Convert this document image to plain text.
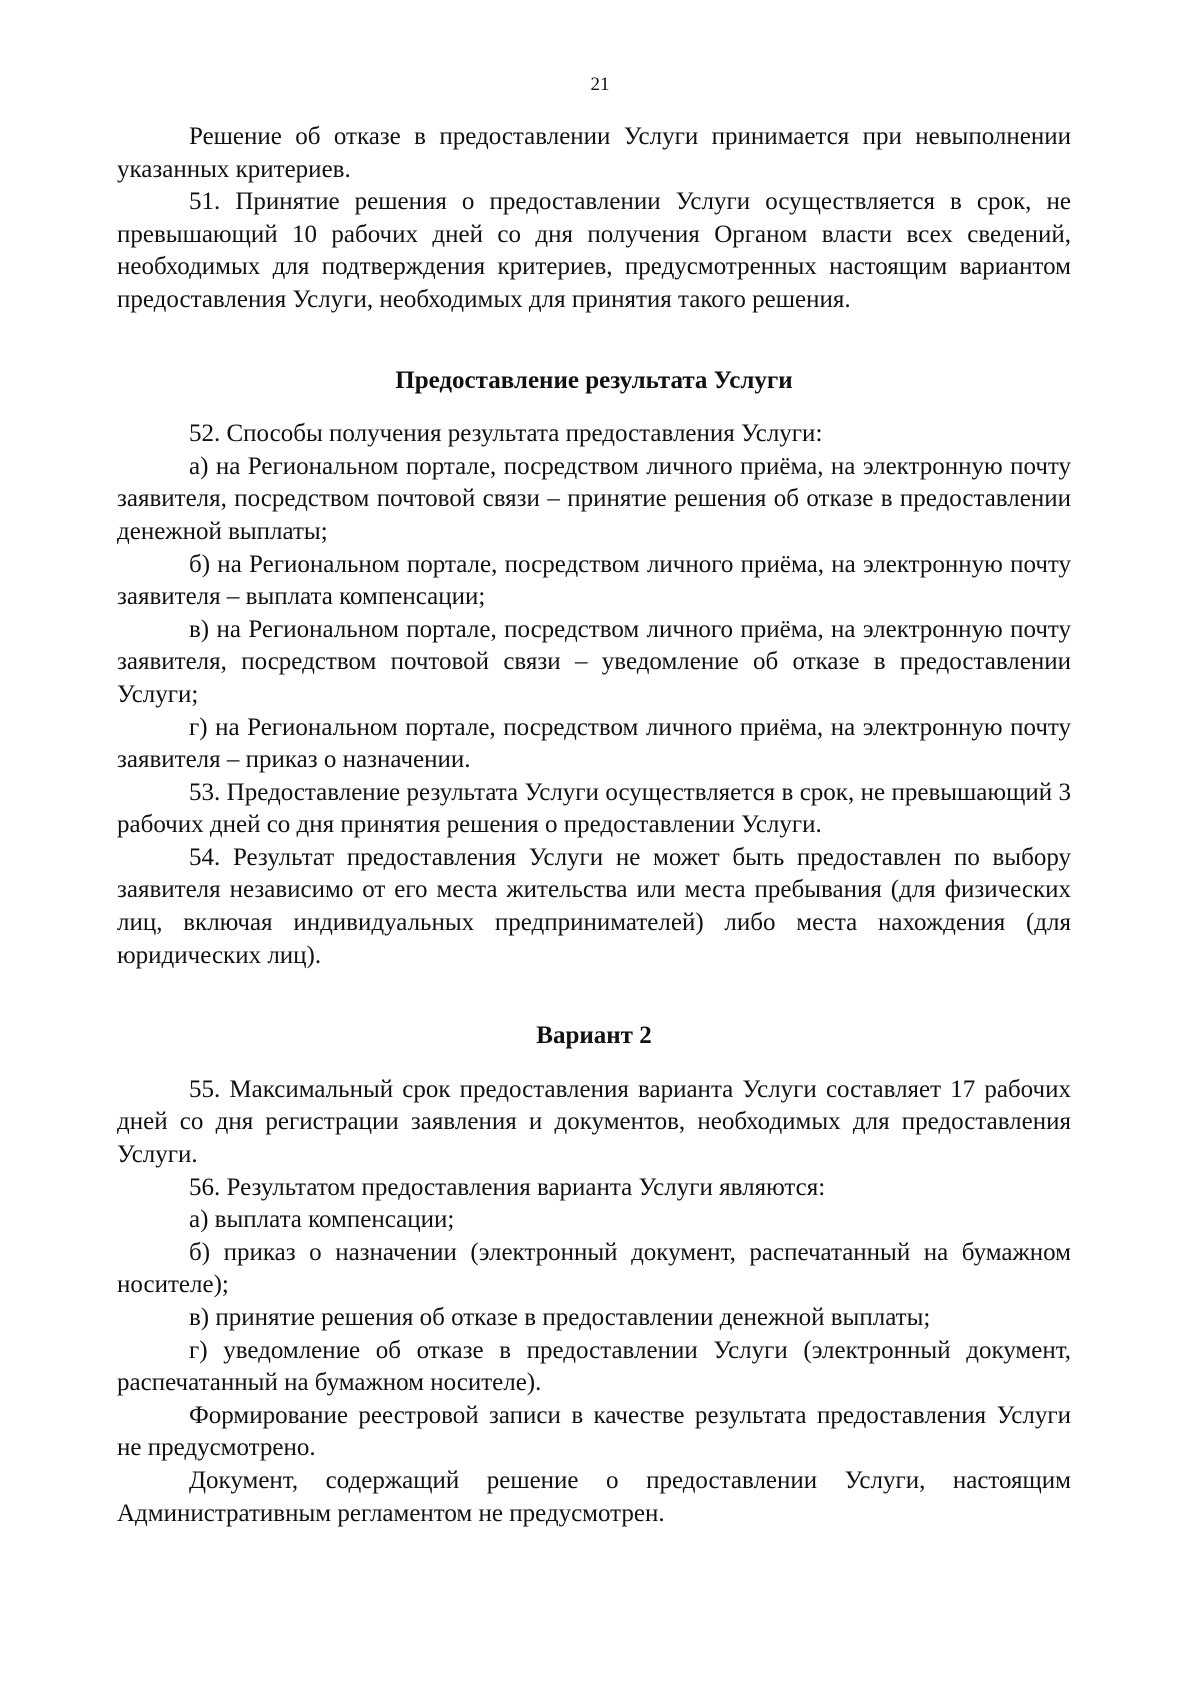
21

Решение об отказе в предоставлении Услуги принимается при невыполнении указанных критериев.

51. Принятие решения о предоставлении Услуги осуществляется в срок, не превышающий 10 рабочих дней со дня получения Органом власти всех сведений, необходимых для подтверждения критериев, предусмотренных настоящим вариантом предоставления Услуги, необходимых для принятия такого решения.

Предоставление результата Услуги

52. Способы получения результата предоставления Услуги:

а) на Региональном портале, посредством личного приёма, на электронную почту заявителя, посредством почтовой связи – принятие решения об отказе в предоставлении денежной выплаты;

б) на Региональном портале, посредством личного приёма, на электронную почту заявителя – выплата компенсации;

в) на Региональном портале, посредством личного приёма, на электронную почту заявителя, посредством почтовой связи – уведомление об отказе в предоставлении Услуги;

г) на Региональном портале, посредством личного приёма, на электронную почту заявителя – приказ о назначении.

53. Предоставление результата Услуги осуществляется в срок, не превышающий 3 рабочих дней со дня принятия решения о предоставлении Услуги.

54. Результат предоставления Услуги не может быть предоставлен по выбору заявителя независимо от его места жительства или места пребывания (для физических лиц, включая индивидуальных предпринимателей) либо места нахождения (для юридических лиц).

Вариант 2

55. Максимальный срок предоставления варианта Услуги составляет 17 рабочих дней со дня регистрации заявления и документов, необходимых для предоставления Услуги.

56. Результатом предоставления варианта Услуги являются:

а) выплата компенсации;

б) приказ о назначении (электронный документ, распечатанный на бумажном носителе);

в) принятие решения об отказе в предоставлении денежной выплаты;

г) уведомление об отказе в предоставлении Услуги (электронный документ, распечатанный на бумажном носителе).

Формирование реестровой записи в качестве результата предоставления Услуги не предусмотрено.

Документ, содержащий решение о предоставлении Услуги, настоящим Административным регламентом не предусмотрен.
